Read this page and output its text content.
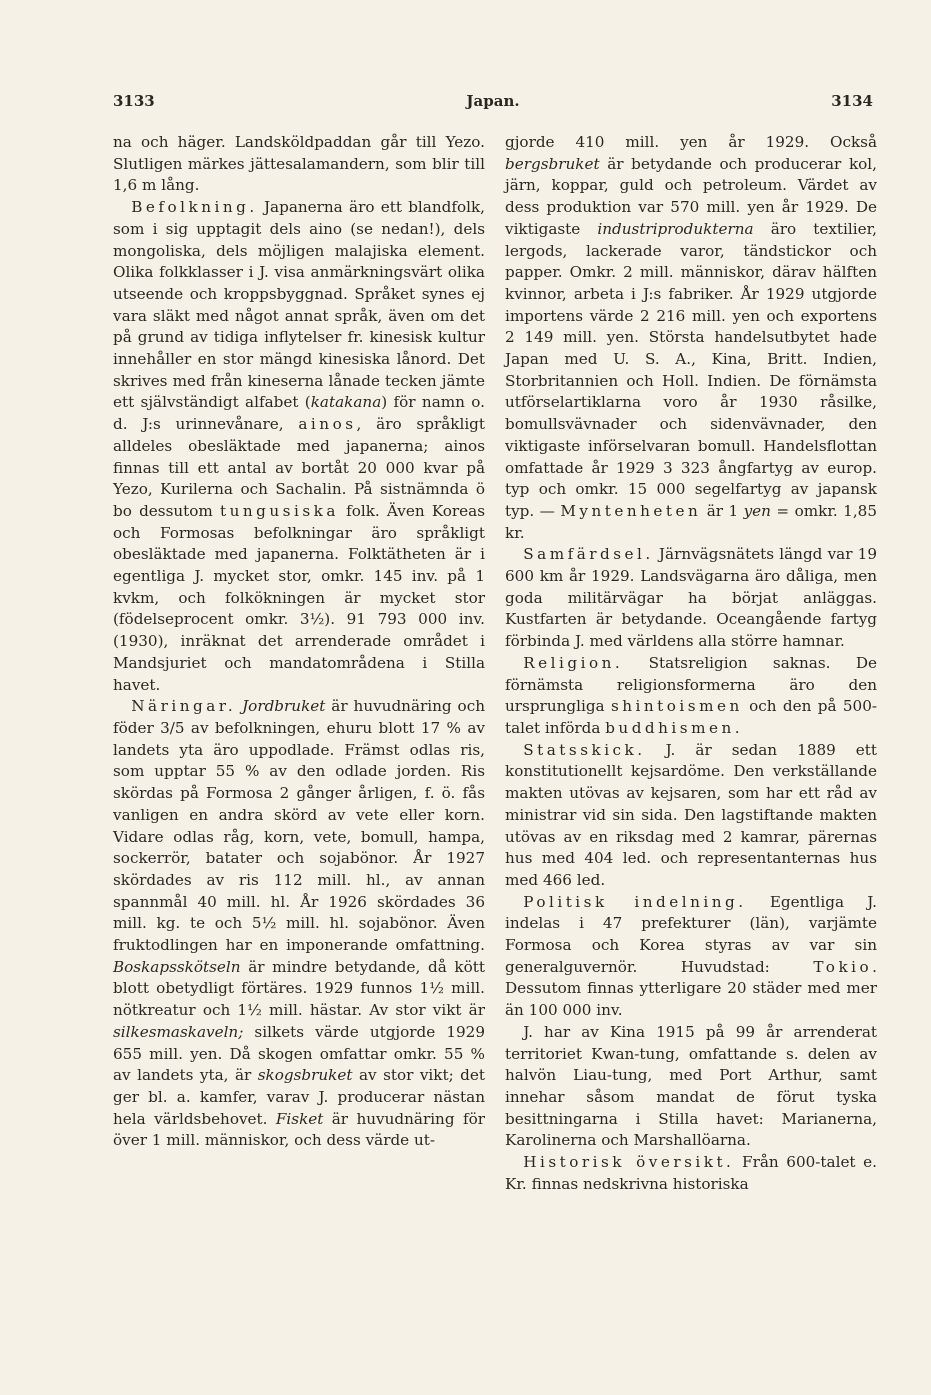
3133	Japan.	3134

na och häger. Landsköldpaddan går till Yezo. Slutligen märkes jättesalamandern, som blir till 1,6 m lång.

Befolkning. Japanerna äro ett blandfolk, som i sig upptagit dels aino (se nedan!), dels mongoliska, dels möjligen malajiska element. Olika folkklasser i J. visa anmärkningsvärt olika utseende och kroppsbyggnad. Språket synes ej vara släkt med något annat språk, även om det på grund av tidiga inflytelser fr. kinesisk kultur innehåller en stor mängd kinesiska lånord. Det skrives med från kineserna lånade tecken jämte ett självständigt alfabet (katakana) för namn o. d. J:s urinnevånare, ainos, äro språkligt alldeles obesläktade med japanerna; ainos finnas till ett antal av bortåt 20 000 kvar på Yezo, Kurilerna och Sachalin. På sistnämnda ö bo dessutom tungusiska folk. Även Koreas och Formosas befolkningar äro språkligt obesläktade med japanerna. Folktätheten är i egentliga J. mycket stor, omkr. 145 inv. på 1 kvkm, och folkökningen är mycket stor (födelseprocent omkr. 3½). 91 793 000 inv. (1930), inräknat det arrenderade området i Mandsjuriet och mandatområdena i Stilla havet.

Näringar. Jordbruket är huvudnäring och föder 3/5 av befolkningen, ehuru blott 17 % av landets yta äro uppodlade. Främst odlas ris, som upptar 55 % av den odlade jorden. Ris skördas på Formosa 2 gånger årligen, f. ö. fås vanligen en andra skörd av vete eller korn. Vidare odlas råg, korn, vete, bomull, hampa, sockerrör, batater och sojabönor. År 1927 skördades av ris 112 mill. hl., av annan spannmål 40 mill. hl. År 1926 skördades 36 mill. kg. te och 5½ mill. hl. sojabönor. Även fruktodlingen har en imponerande omfattning. Boskapsskötseln är mindre betydande, då kött blott obetydligt förtäres. 1929 funnos 1½ mill. nötkreatur och 1½ mill. hästar. Av stor vikt är silkesmaskaveln; silkets värde utgjorde 1929 655 mill. yen. Då skogen omfattar omkr. 55 % av landets yta, är skogsbruket av stor vikt; det ger bl. a. kamfer, varav J. producerar nästan hela världsbehovet. Fisket är huvudnäring för över 1 mill. människor, och dess värde ut-

gjorde 410 mill. yen år 1929. Också bergsbruket är betydande och producerar kol, järn, koppar, guld och petroleum. Värdet av dess produktion var 570 mill. yen år 1929. De viktigaste industriprodukterna äro textilier, lergods, lackerade varor, tändstickor och papper. Omkr. 2 mill. människor, därav hälften kvinnor, arbeta i J:s fabriker. År 1929 utgjorde importens värde 2 216 mill. yen och exportens 2 149 mill. yen. Största handelsutbytet hade Japan med U. S. A., Kina, Britt. Indien, Storbritannien och Holl. Indien. De förnämsta utförselartiklarna voro år 1930 råsilke, bomullsvävnader och sidenvävnader, den viktigaste införselvaran bomull. Handelsflottan omfattade år 1929 3 323 ångfartyg av europ. typ och omkr. 15 000 segelfartyg av japansk typ. — Myntenheten är 1 yen = omkr. 1,85 kr.

Samfärdsel. Järnvägsnätets längd var 19 600 km år 1929. Landsvägarna äro dåliga, men goda militärvägar ha börjat anläggas. Kustfarten är betydande. Oceangående fartyg förbinda J. med världens alla större hamnar.

Religion. Statsreligion saknas. De förnämsta religionsformerna äro den ursprungliga shintoismen och den på 500-talet införda buddhismen.

Statsskick. J. är sedan 1889 ett konstitutionellt kejsardöme. Den verkställande makten utövas av kejsaren, som har ett råd av ministrar vid sin sida. Den lagstiftande makten utövas av en riksdag med 2 kamrar, pärernas hus med 404 led. och representanternas hus med 466 led.

Politisk indelning. Egentliga J. indelas i 47 prefekturer (län), varjämte Formosa och Korea styras av var sin generalguvernör. Huvudstad: Tokio. Dessutom finnas ytterligare 20 städer med mer än 100 000 inv.

J. har av Kina 1915 på 99 år arrenderat territoriet Kwan-tung, omfattande s. delen av halvön Liau-tung, med Port Arthur, samt innehar såsom mandat de förut tyska besittningarna i Stilla havet: Marianerna, Karolinerna och Marshallöarna.

Historisk översikt. Från 600-talet e. Kr. finnas nedskrivna historiska
